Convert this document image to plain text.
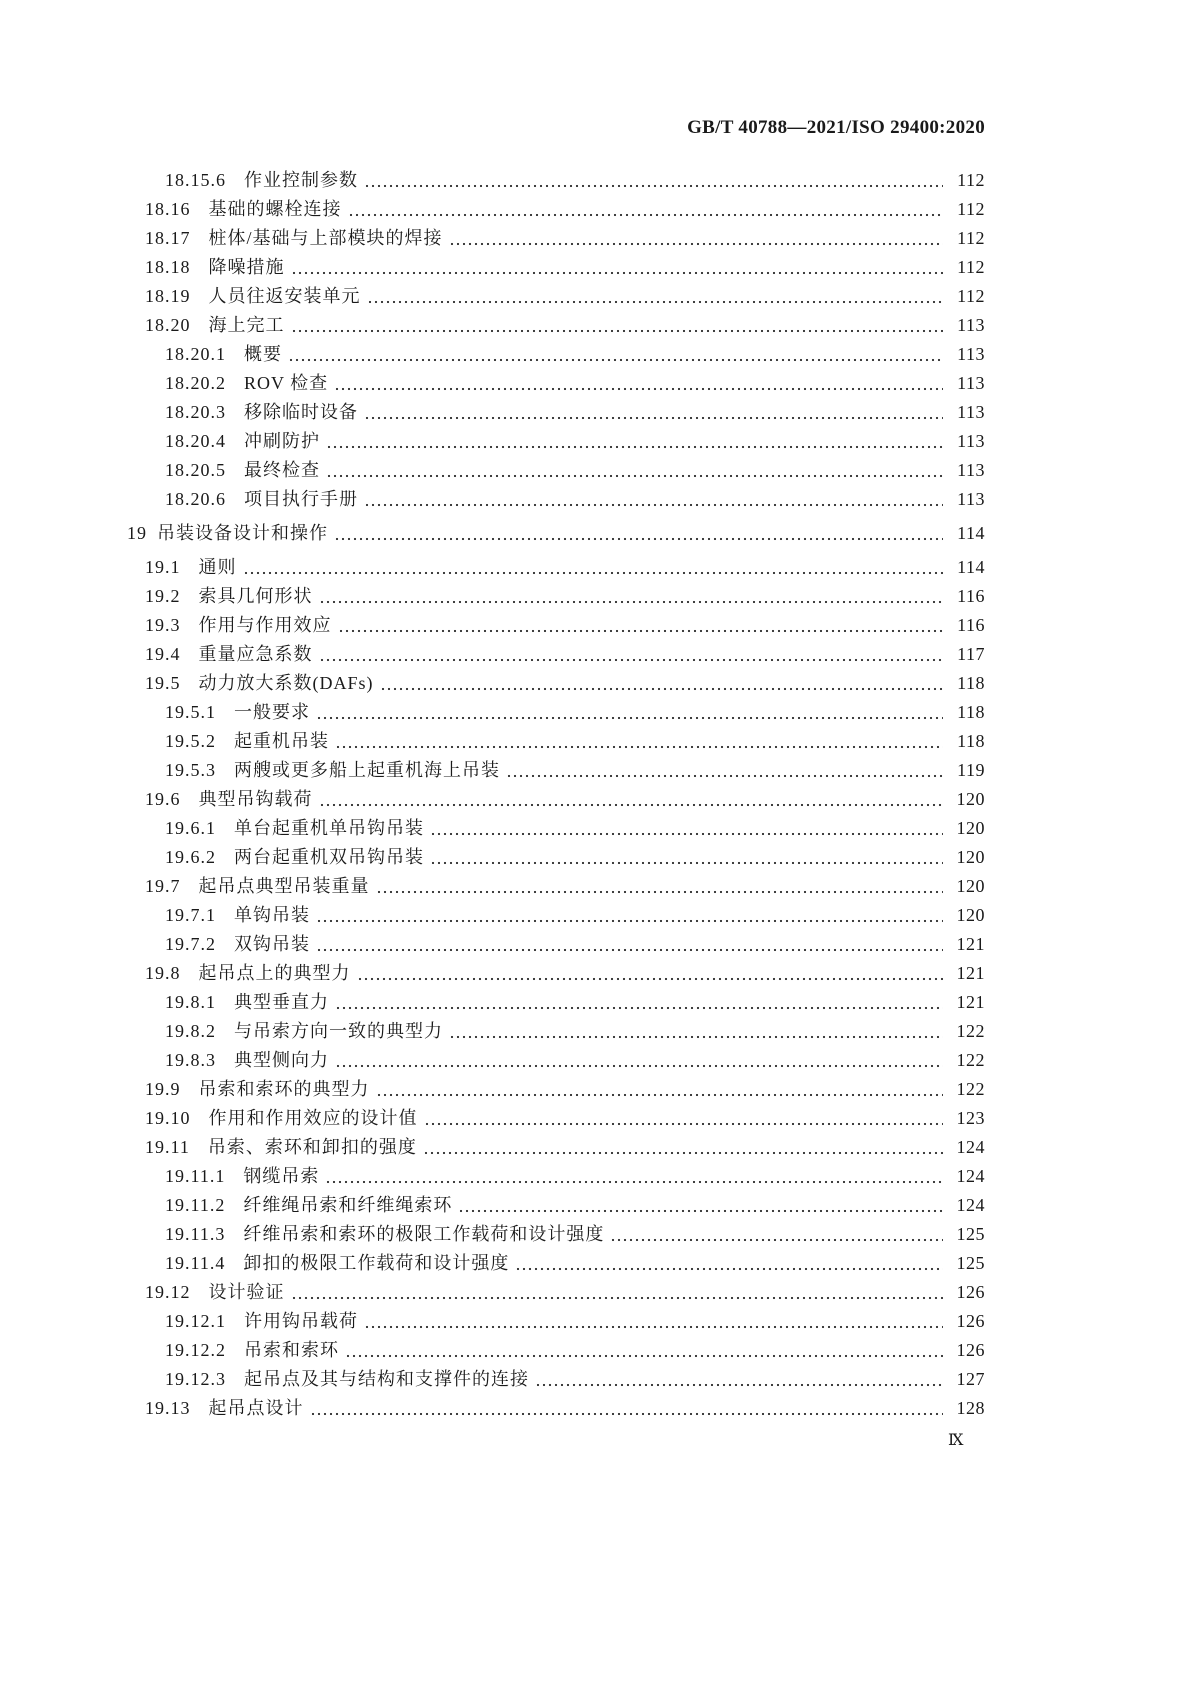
GB/T 40788—2021/ISO 29400:2020
18.15.6 作业控制参数	112
18.16 基础的螺栓连接	112
18.17 桩体/基础与上部模块的焊接	112
18.18 降噪措施	112
18.19 人员往返安装单元	112
18.20 海上完工	113
18.20.1 概要	113
18.20.2 ROV 检查	113
18.20.3 移除临时设备	113
18.20.4 冲刷防护	113
18.20.5 最终检查	113
18.20.6 项目执行手册	113
19 吊装设备设计和操作	114
19.1 通则	114
19.2 索具几何形状	116
19.3 作用与作用效应	116
19.4 重量应急系数	117
19.5 动力放大系数(DAFs)	118
19.5.1 一般要求	118
19.5.2 起重机吊装	118
19.5.3 两艘或更多船上起重机海上吊装	119
19.6 典型吊钩载荷	120
19.6.1 单台起重机单吊钩吊装	120
19.6.2 两台起重机双吊钩吊装	120
19.7 起吊点典型吊装重量	120
19.7.1 单钩吊装	120
19.7.2 双钩吊装	121
19.8 起吊点上的典型力	121
19.8.1 典型垂直力	121
19.8.2 与吊索方向一致的典型力	122
19.8.3 典型侧向力	122
19.9 吊索和索环的典型力	122
19.10 作用和作用效应的设计值	123
19.11 吊索、索环和卸扣的强度	124
19.11.1 钢缆吊索	124
19.11.2 纤维绳吊索和纤维绳索环	124
19.11.3 纤维吊索和索环的极限工作载荷和设计强度	125
19.11.4 卸扣的极限工作载荷和设计强度	125
19.12 设计验证	126
19.12.1 许用钩吊载荷	126
19.12.2 吊索和索环	126
19.12.3 起吊点及其与结构和支撑件的连接	127
19.13 起吊点设计	128
Ⅸ
